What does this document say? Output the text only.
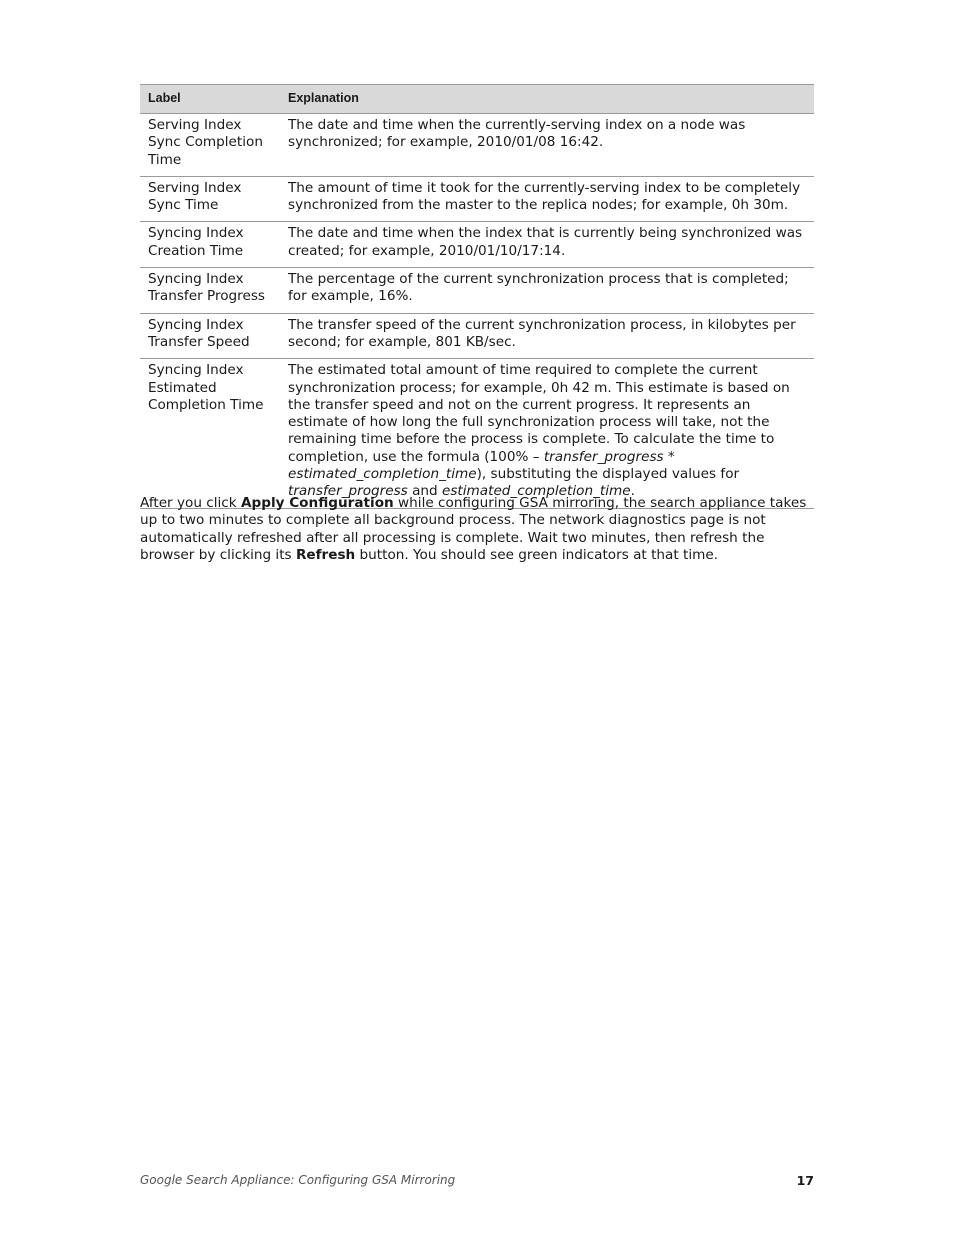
Label	Explanation
Serving Index Sync Completion Time	The date and time when the currently-serving index on a node was synchronized; for example, 2010/01/08 16:42.
Serving Index Sync Time	The amount of time it took for the currently-serving index to be completely synchronized from the master to the replica nodes; for example, 0h 30m.
Syncing Index Creation Time	The date and time when the index that is currently being synchronized was created; for example, 2010/01/10/17:14.
Syncing Index Transfer Progress	The percentage of the current synchronization process that is completed; for example, 16%.
Syncing Index Transfer Speed	The transfer speed of the current synchronization process, in kilobytes per second; for example, 801 KB/sec.
Syncing Index Estimated Completion Time	The estimated total amount of time required to complete the current synchronization process; for example, 0h 42 m. This estimate is based on the transfer speed and not on the current progress. It represents an estimate of how long the full synchronization process will take, not the remaining time before the process is complete. To calculate the time to completion, use the formula (100% – transfer_progress * estimated_completion_time), substituting the displayed values for transfer_progress and estimated_completion_time.

After you click Apply Configuration while configuring GSA mirroring, the search appliance takes up to two minutes to complete all background process. The network diagnostics page is not automatically refreshed after all processing is complete. Wait two minutes, then refresh the browser by clicking its Refresh button. You should see green indicators at that time.

Google Search Appliance: Configuring GSA Mirroring	17
